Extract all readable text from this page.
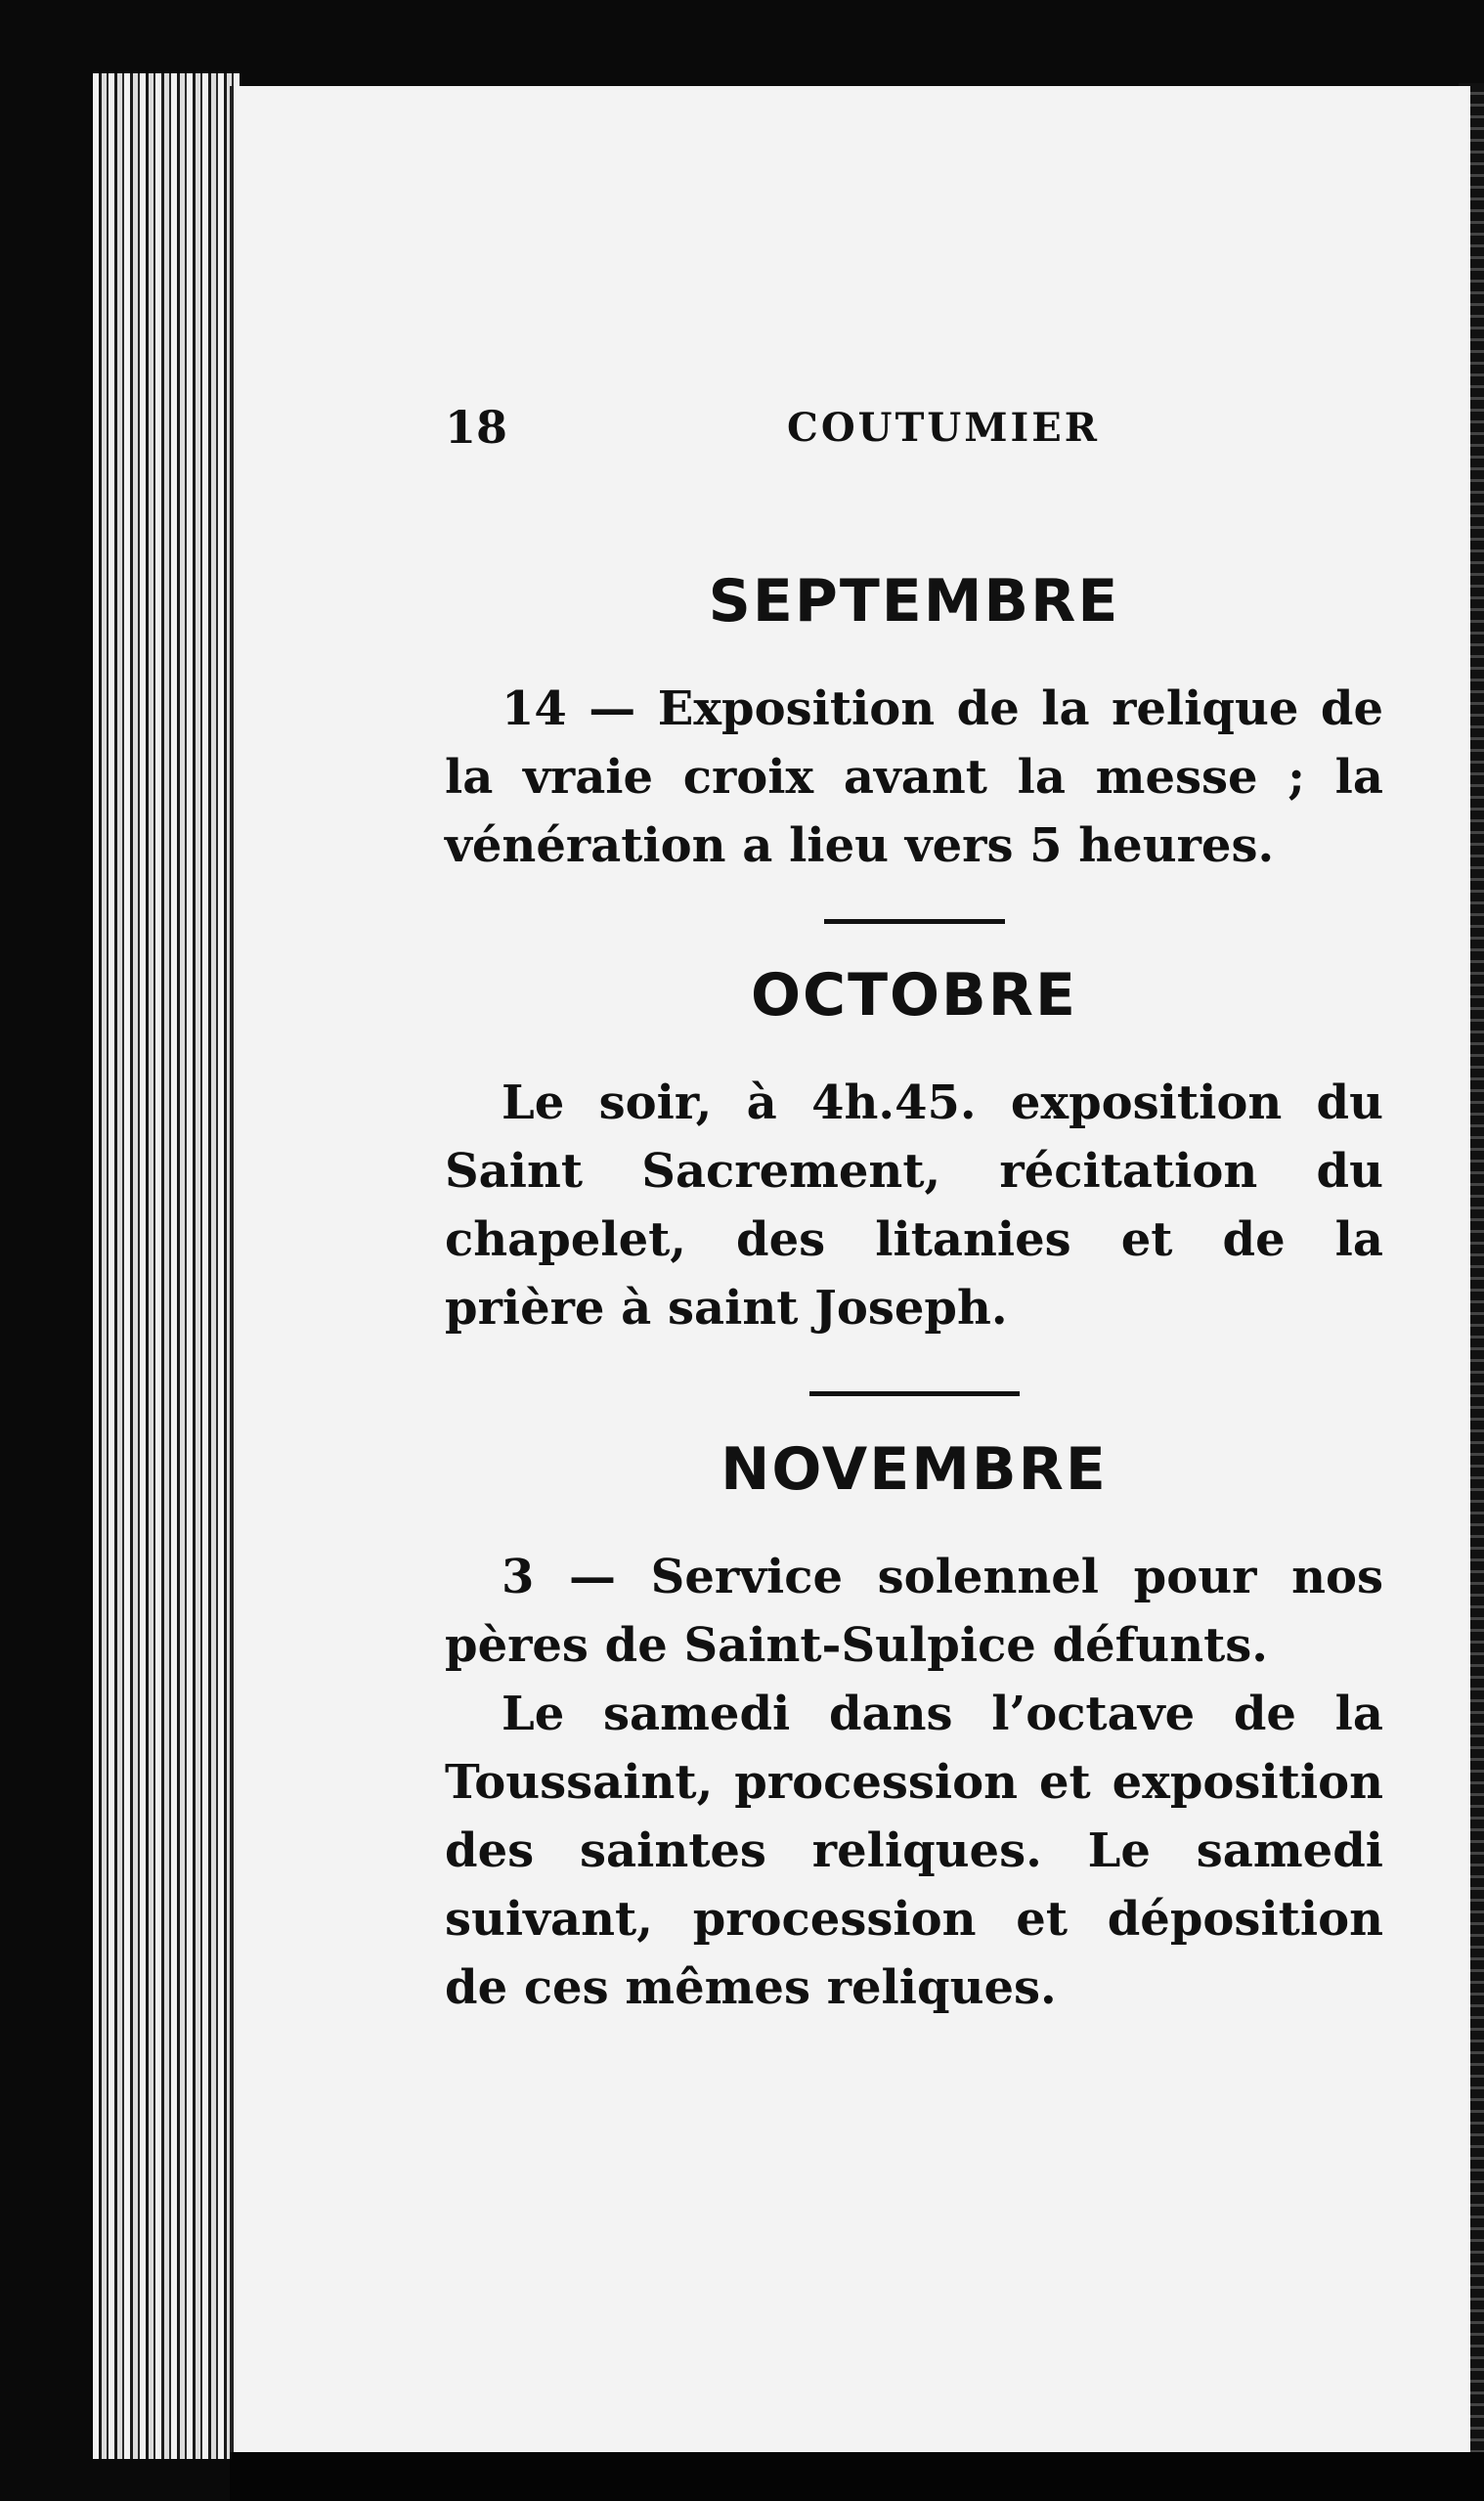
18	COUTUMIER
SEPTEMBRE

14 — Exposition de la relique de la vraie croix avant la messe ; la vénération a lieu vers 5 heures.

OCTOBRE

Le soir, à 4h.45. exposition du Saint Sacrement, récitation du chapelet, des litanies et de la prière à saint Joseph.

NOVEMBRE

3 — Service solennel pour nos pères de Saint-Sulpice défunts.

Le samedi dans l’octave de la Toussaint, procession et exposition des saintes reliques. Le samedi suivant, procession et déposition de ces mêmes reliques.
